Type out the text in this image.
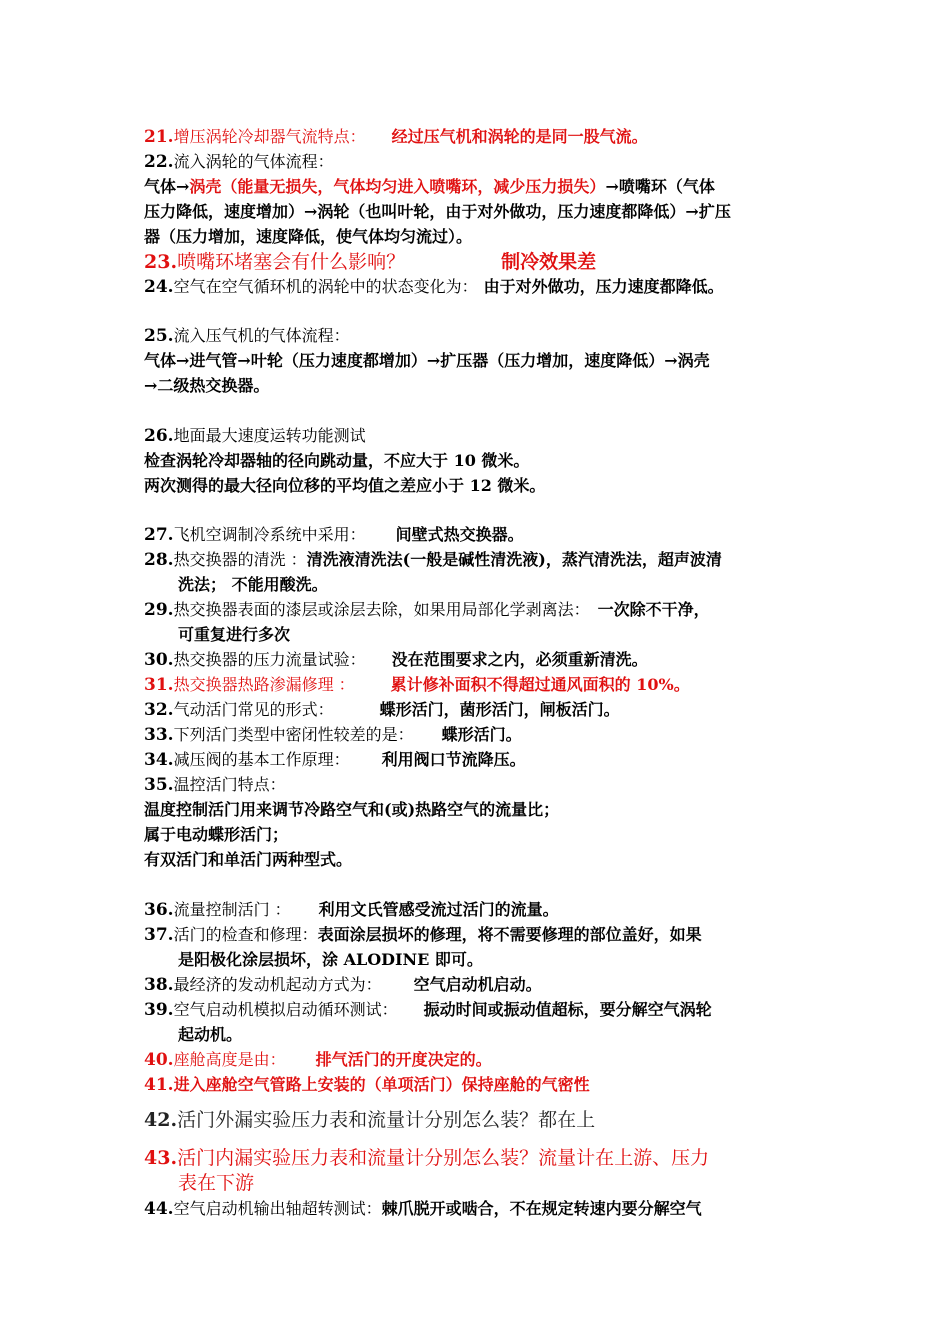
21.增压涡轮冷却器气流特点： 经过压气机和涡轮的是同一股气流。
22.流入涡轮的气体流程：
气体→涡壳（能量无损失，气体均匀进入喷嘴环，减少压力损失）→喷嘴环（气体
压力降低，速度增加）→涡轮（也叫叶轮，由于对外做功，压力速度都降低）→扩压
器（压力增加，速度降低，使气体均匀流过）。
23.喷嘴环堵塞会有什么影响？	制冷效果差
24.空气在空气循环机的涡轮中的状态变化为： 由于对外做功，压力速度都降低。
25.流入压气机的气体流程：
气体→进气管→叶轮（压力速度都增加）→扩压器（压力增加，速度降低）→涡壳
→二级热交换器。
26.地面最大速度运转功能测试
检查涡轮冷却器轴的径向跳动量，不应大于 10 微米。
两次测得的最大径向位移的平均值之差应小于 12 微米。
27.飞机空调制冷系统中采用： 间壁式热交换器。
28.热交换器的清洗 ：清洗液清洗法(一般是碱性清洗液)，蒸汽清洗法，超声波清
洗法； 不能用酸洗。
29.热交换器表面的漆层或涂层去除，如果用局部化学剥离法： 一次除不干净，
可重复进行多次
30.热交换器的压力流量试验： 没在范围要求之内，必须重新清洗。
31.热交换器热路渗漏修理 ： 累计修补面积不得超过通风面积的 10%。
32.气动活门常见的形式：	蝶形活门，菌形活门，闸板活门。
33.下列活门类型中密闭性较差的是： 蝶形活门。
34.减压阀的基本工作原理： 利用阀口节流降压。
35.温控活门特点：
温度控制活门用来调节冷路空气和(或)热路空气的流量比；
属于电动蝶形活门；
有双活门和单活门两种型式。
36.流量控制活门 ： 利用文氏管感受流过活门的流量。
37.活门的检查和修理：表面涂层损坏的修理，将不需要修理的部位盖好，如果
是阳极化涂层损坏，涂 ALODINE 即可。
38.最经济的发动机起动方式为： 空气启动机启动。
39.空气启动机模拟启动循环测试： 振动时间或振动值超标，要分解空气涡轮
起动机。
40.座舱高度是由： 排气活门的开度决定的。
41.进入座舱空气管路上安装的（单项活门）保持座舱的气密性
42.活门外漏实验压力表和流量计分别怎么装？都在上
43.活门内漏实验压力表和流量计分别怎么装？流量计在上游、压力
表在下游
44.空气启动机输出轴超转测试：棘爪脱开或啮合，不在规定转速内要分解空气
